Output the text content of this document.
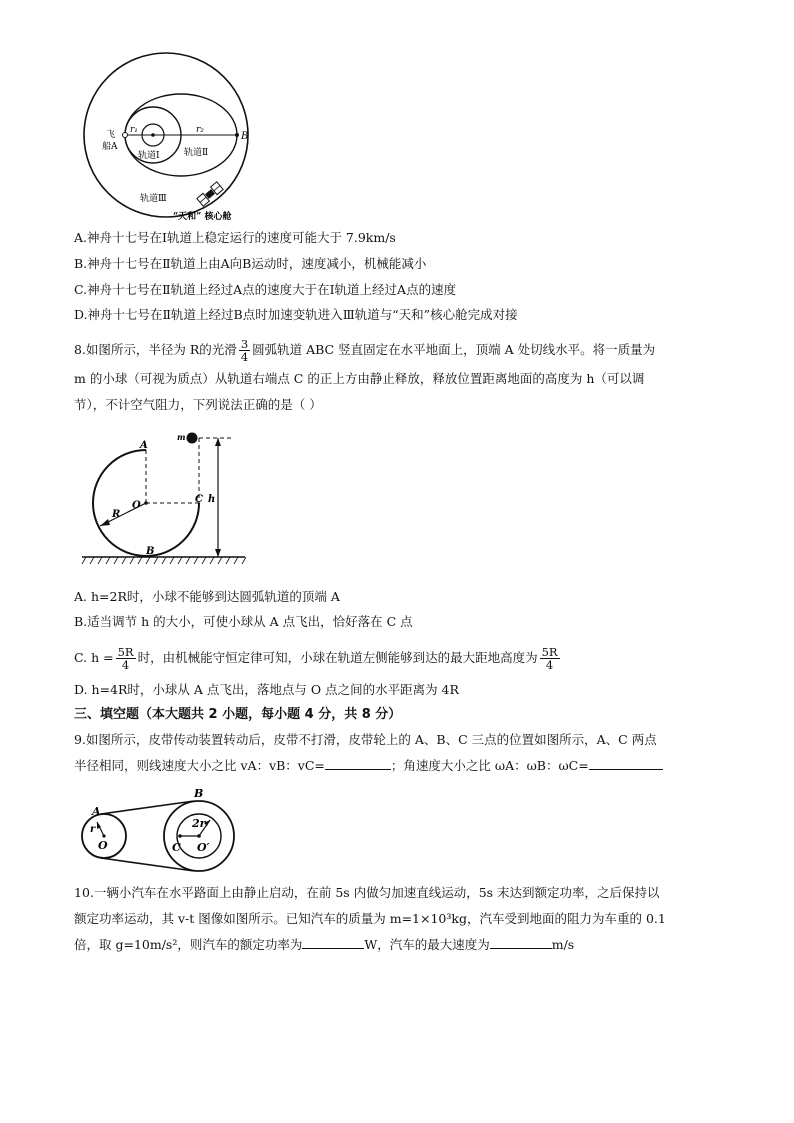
r₁	r₂
B
飞
船A
轨道Ⅰ	轨道Ⅱ
轨道Ⅲ
“天和” 核心舱
A.神舟十七号在Ⅰ轨道上稳定运行的速度可能大于 7.9km/s
B.神舟十七号在Ⅱ轨道上由A向B运动时，速度减小，机械能减小
C.神舟十七号在Ⅱ轨道上经过A点的速度大于在Ⅰ轨道上经过A点的速度
D.神舟十七号在Ⅱ轨道上经过B点时加速变轨进入Ⅲ轨道与“天和”核心舱完成对接
8.如图所示，半径为 R的光滑 $\frac{3}{4}$ 圆弧轨道 ABC 竖直固定在水平地面上，顶端 A 处切线水平。将一质量为
m 的小球（可视为质点）从轨道右端点 C 的正上方由静止释放，释放位置距离地面的高度为 h（可以调
节），不计空气阻力，下列说法正确的是（ ）
A
m
O
C
R
B
h
A. h=2R时，小球不能够到达圆弧轨道的顶端 A
B.适当调节 h 的大小，可使小球从 A 点飞出，恰好落在 C 点
C. $h = \frac{5R}{4}$ 时，由机械能守恒定律可知，小球在轨道左侧能够到达的最大距地高度为 $\frac{5R}{4}$
D. h=4R时，小球从 A 点飞出，落地点与 O 点之间的水平距离为 4R
三、填空题（本大题共 2 小题，每小题 4 分，共 8 分）
9.如图所示，皮带传动装置转动后，皮带不打滑，皮带轮上的 A、B、C 三点的位置如图所示，A、C 两点
半径相同，则线速度大小之比 vA：vB：vC=	；角速度大小之比 ωA：ωB：ωC=
A
r
O
B
2r
C O′
10.一辆小汽车在水平路面上由静止启动，在前 5s 内做匀加速直线运动，5s 末达到额定功率，之后保持以
额定功率运动，其 v-t 图像如图所示。已知汽车的质量为 m=1×10³kg，汽车受到地面的阻力为车重的 0.1
倍，取 g=10m/s²，则汽车的额定功率为	W，汽车的最大速度为	m/s
